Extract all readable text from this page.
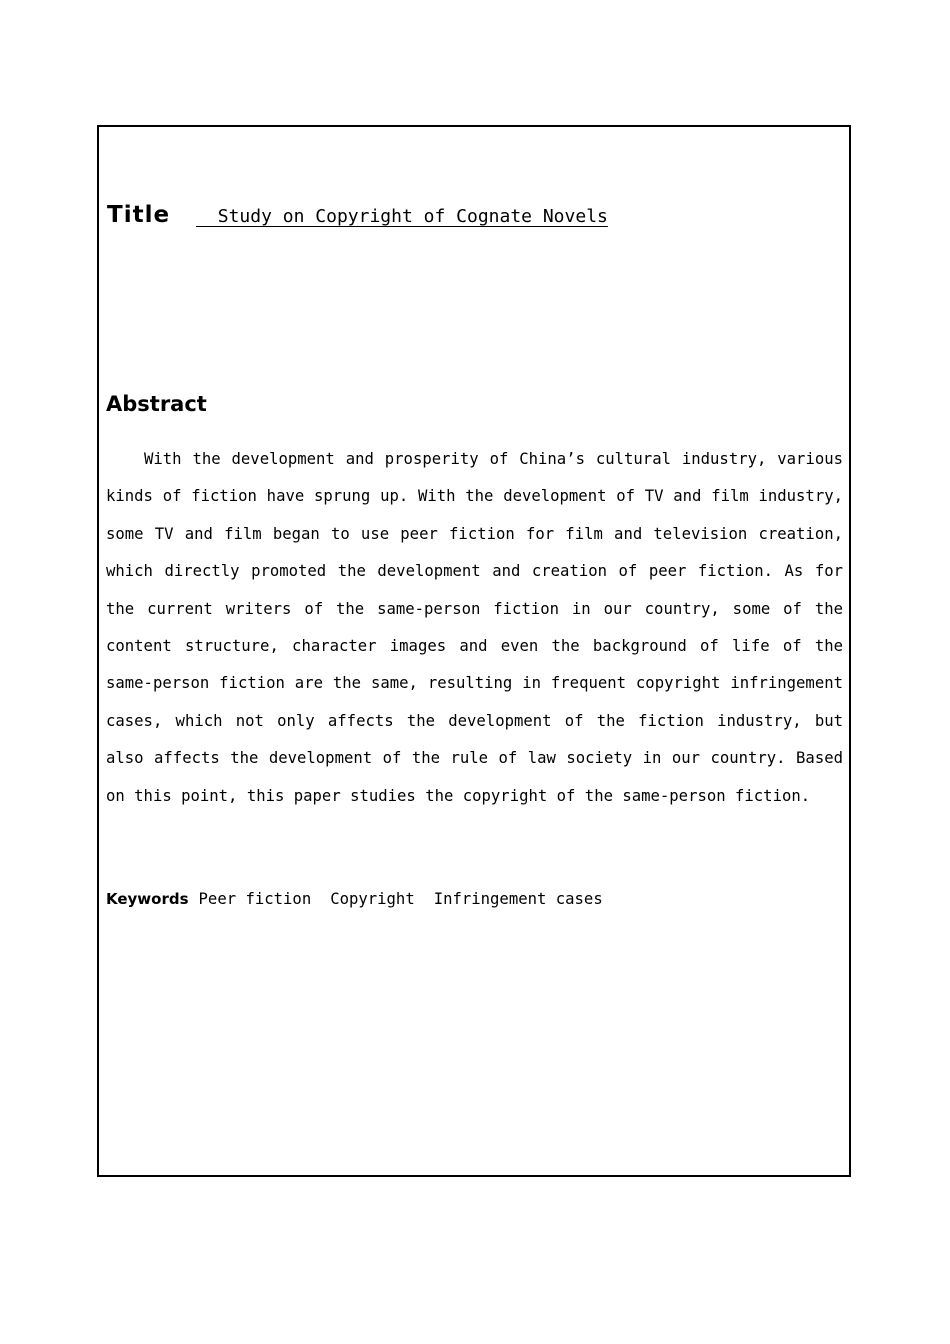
Title Study on Copyright of Cognate Novels
Abstract

With the development and prosperity of China’s cultural industry, various kinds of fiction have sprung up. With the development of TV and film industry, some TV and film began to use peer fiction for film and television creation, which directly promoted the development and creation of peer fiction. As for the current writers of the same-person fiction in our country, some of the content structure, character images and even the background of life of the same-person fiction are the same, resulting in frequent copyright infringement cases, which not only affects the development of the fiction industry, but also affects the development of the rule of law society in our country. Based on this point, this paper studies the copyright of the same-person fiction.

Keywords Peer fiction Copyright Infringement cases
